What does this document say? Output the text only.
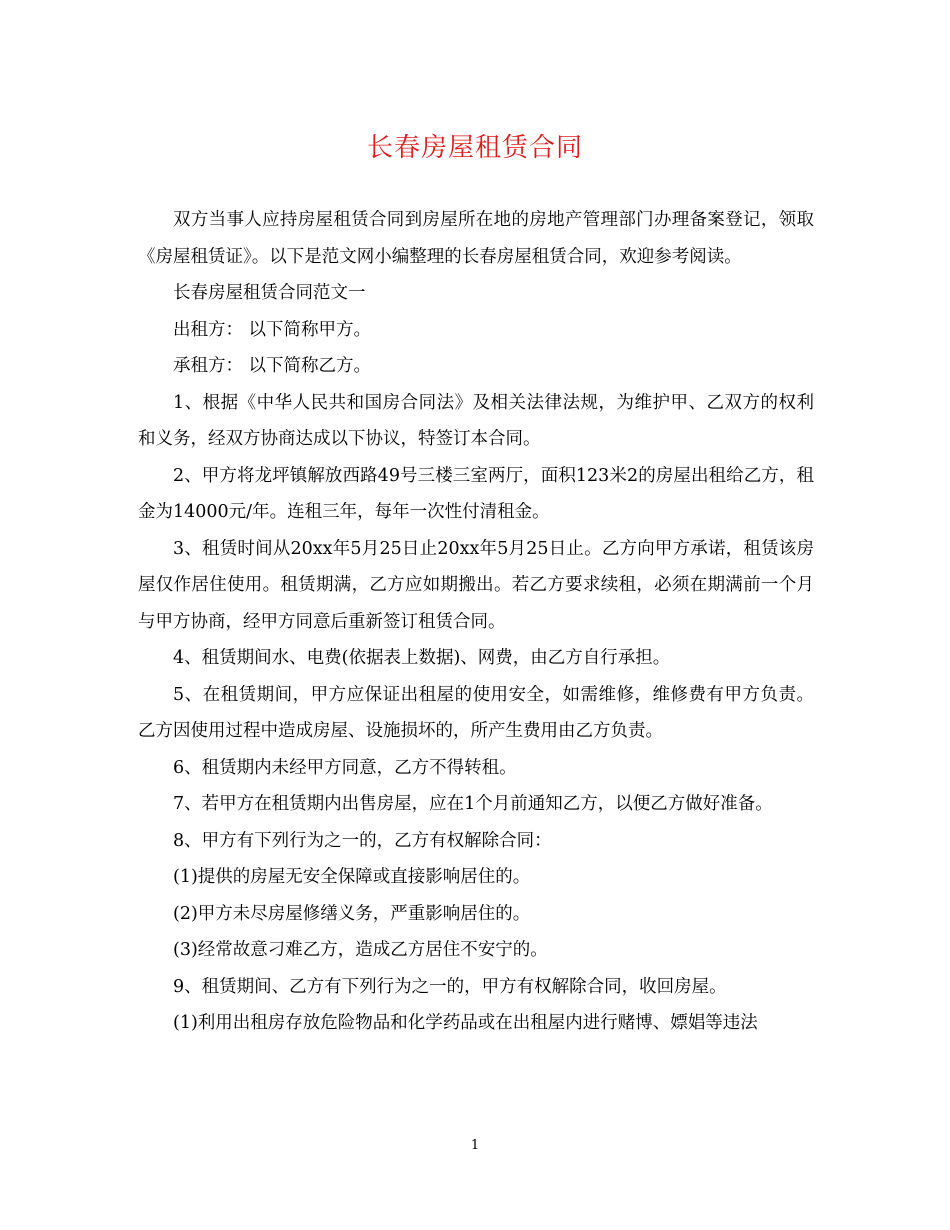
长春房屋租赁合同

双方当事人应持房屋租赁合同到房屋所在地的房地产管理部门办理备案登记，领取《房屋租赁证》。以下是范文网小编整理的长春房屋租赁合同，欢迎参考阅读。

长春房屋租赁合同范文一

出租方： 以下简称甲方。

承租方： 以下简称乙方。

1、根据《中华人民共和国房合同法》及相关法律法规，为维护甲、乙双方的权利和义务，经双方协商达成以下协议，特签订本合同。

2、甲方将龙坪镇解放西路49号三楼三室两厅，面积123米2的房屋出租给乙方，租金为14000元/年。连租三年，每年一次性付清租金。

3、租赁时间从20xx年5月25日止20xx年5月25日止。乙方向甲方承诺，租赁该房屋仅作居住使用。租赁期满，乙方应如期搬出。若乙方要求续租，必须在期满前一个月与甲方协商，经甲方同意后重新签订租赁合同。

4、租赁期间水、电费(依据表上数据)、网费，由乙方自行承担。

5、在租赁期间，甲方应保证出租屋的使用安全，如需维修，维修费有甲方负责。乙方因使用过程中造成房屋、设施损坏的，所产生费用由乙方负责。

6、租赁期内未经甲方同意，乙方不得转租。

7、若甲方在租赁期内出售房屋，应在1个月前通知乙方，以便乙方做好准备。

8、甲方有下列行为之一的，乙方有权解除合同：

(1)提供的房屋无安全保障或直接影响居住的。

(2)甲方未尽房屋修缮义务，严重影响居住的。

(3)经常故意刁难乙方，造成乙方居住不安宁的。

9、租赁期间、乙方有下列行为之一的，甲方有权解除合同，收回房屋。

(1)利用出租房存放危险物品和化学药品或在出租屋内进行赌博、嫖娼等违法

1
